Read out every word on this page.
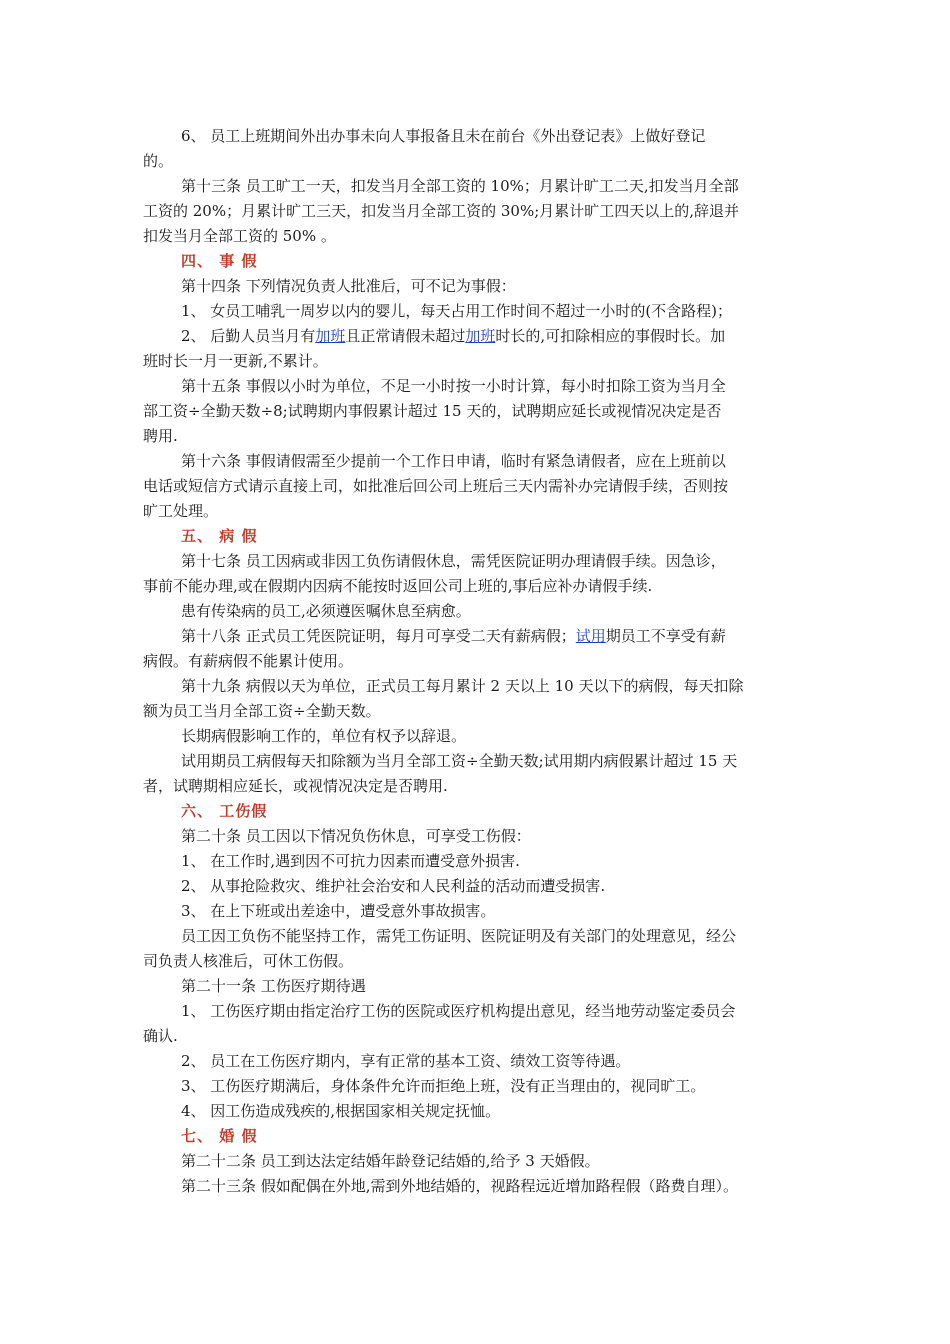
6、 员工上班期间外出办事未向人事报备且未在前台《外出登记表》上做好登记
的。
第十三条 员工旷工一天，扣发当月全部工资的 10%；月累计旷工二天,扣发当月全部
工资的 20%；月累计旷工三天，扣发当月全部工资的 30%;月累计旷工四天以上的,辞退并
扣发当月全部工资的 50% 。
四、 事 假
第十四条 下列情况负责人批准后，可不记为事假：
1、 女员工哺乳一周岁以内的婴儿，每天占用工作时间不超过一小时的(不含路程)；
2、 后勤人员当月有加班且正常请假未超过加班时长的,可扣除相应的事假时长。加
班时长一月一更新,不累计。
第十五条 事假以小时为单位，不足一小时按一小时计算，每小时扣除工资为当月全
部工资÷全勤天数÷8;试聘期内事假累计超过 15 天的，试聘期应延长或视情况决定是否
聘用.
第十六条 事假请假需至少提前一个工作日申请，临时有紧急请假者，应在上班前以
电话或短信方式请示直接上司，如批准后回公司上班后三天内需补办完请假手续，否则按
旷工处理。
五、 病 假
第十七条 员工因病或非因工负伤请假休息，需凭医院证明办理请假手续。因急诊，
事前不能办理,或在假期内因病不能按时返回公司上班的,事后应补办请假手续.
患有传染病的员工,必须遵医嘱休息至病愈。
第十八条 正式员工凭医院证明，每月可享受二天有薪病假；试用期员工不享受有薪
病假。有薪病假不能累计使用。
第十九条 病假以天为单位，正式员工每月累计 2 天以上 10 天以下的病假，每天扣除
额为员工当月全部工资÷全勤天数。
长期病假影响工作的，单位有权予以辞退。
试用期员工病假每天扣除额为当月全部工资÷全勤天数;试用期内病假累计超过 15 天
者，试聘期相应延长，或视情况决定是否聘用.
六、 工伤假
第二十条 员工因以下情况负伤休息，可享受工伤假：
1、 在工作时,遇到因不可抗力因素而遭受意外损害.
2、 从事抢险救灾、维护社会治安和人民利益的活动而遭受损害.
3、 在上下班或出差途中，遭受意外事故损害。
员工因工负伤不能坚持工作，需凭工伤证明、医院证明及有关部门的处理意见，经公
司负责人核准后，可休工伤假。
第二十一条 工伤医疗期待遇
1、 工伤医疗期由指定治疗工伤的医院或医疗机构提出意见，经当地劳动鉴定委员会
确认.
2、 员工在工伤医疗期内，享有正常的基本工资、绩效工资等待遇。
3、 工伤医疗期满后，身体条件允许而拒绝上班，没有正当理由的，视同旷工。
4、 因工伤造成残疾的,根据国家相关规定抚恤。
七、 婚 假
第二十二条 员工到达法定结婚年龄登记结婚的,给予 3 天婚假。
第二十三条 假如配偶在外地,需到外地结婚的，视路程远近增加路程假（路费自理）。
